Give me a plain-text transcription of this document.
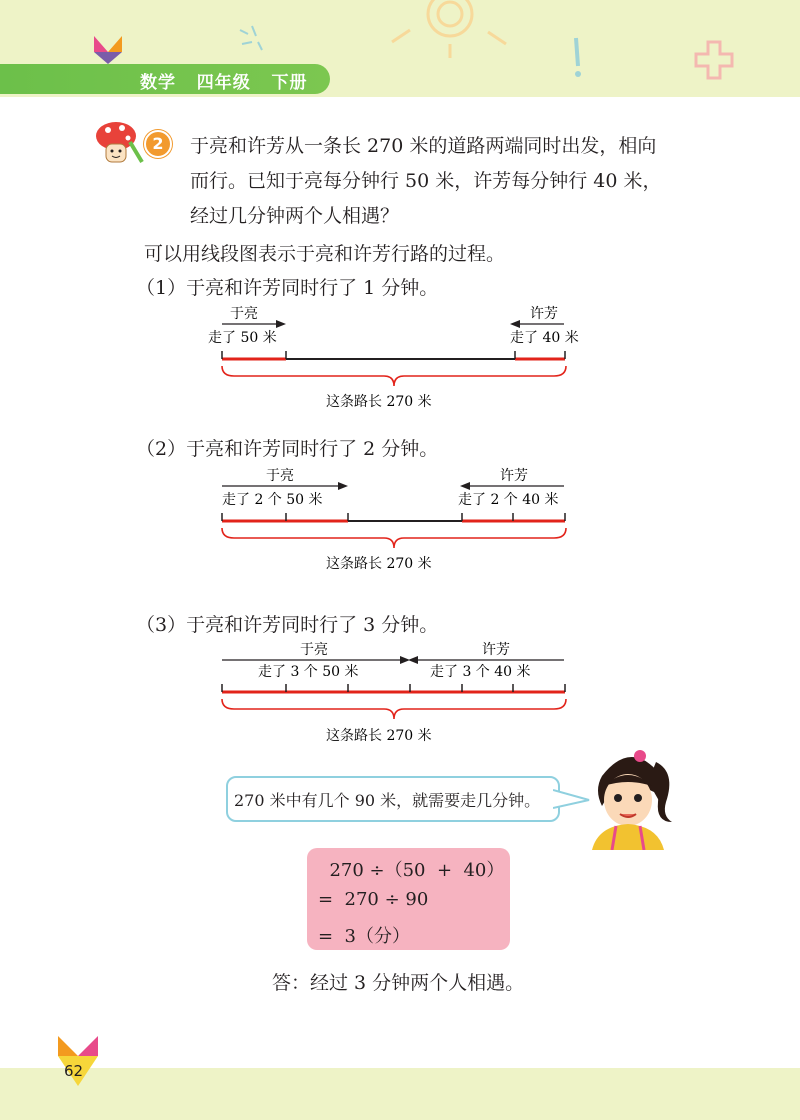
数学   四年级   下册
2	于亮和许芳从一条长 270 米的道路两端同时出发，相向
而行。已知于亮每分钟行 50 米，许芳每分钟行 40 米，
经过几分钟两个人相遇？
可以用线段图表示于亮和许芳行路的过程。
（1）于亮和许芳同时行了 1 分钟。
于亮
走了 50 米
许芳
走了 40 米
这条路长 270 米
（2）于亮和许芳同时行了 2 分钟。
于亮
走了 2 个 50 米
许芳
走了 2 个 40 米
这条路长 270 米
（3）于亮和许芳同时行了 3 分钟。
于亮
走了 3 个 50 米
许芳
走了 3 个 40 米
这条路长 270 米
270 米中有几个 90 米，就需要走几分钟。
270 ÷（50  +  40）
=  270 ÷ 90
=  3（分）
答：经过 3 分钟两个人相遇。
62
